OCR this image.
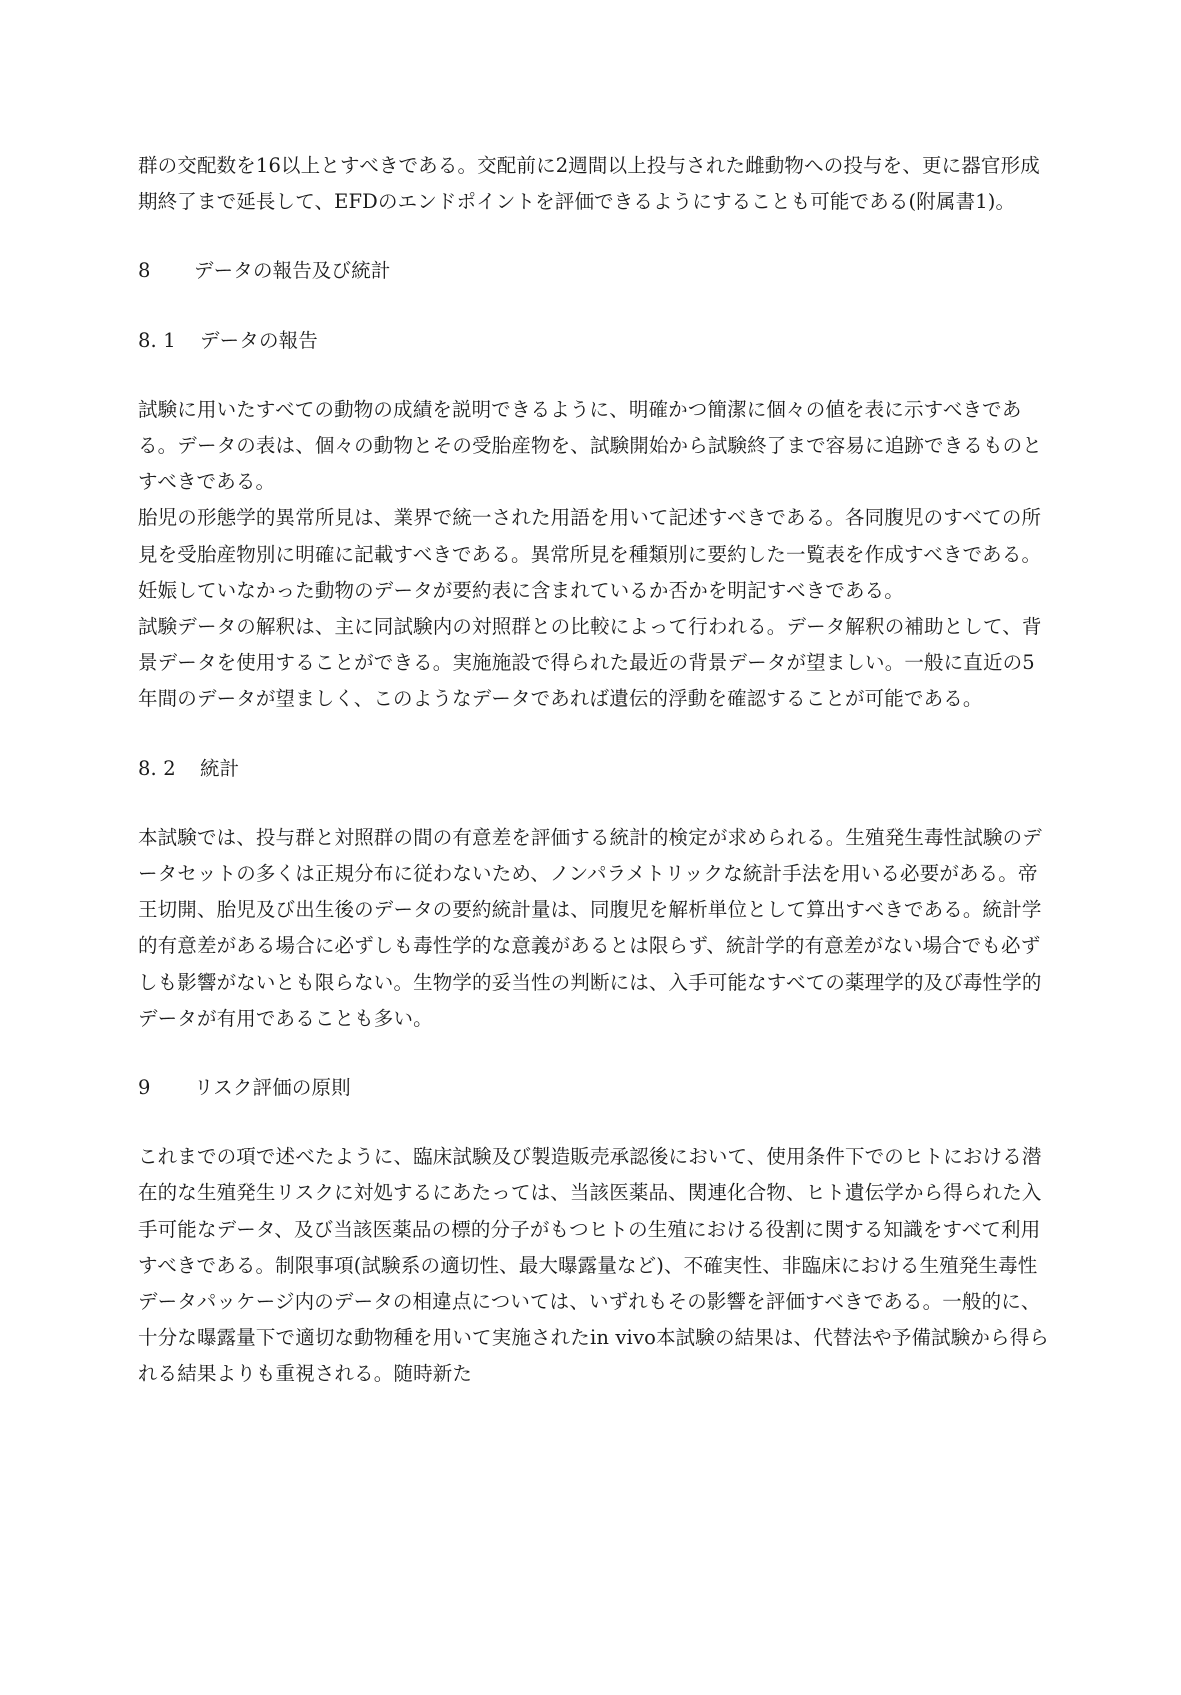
群の交配数を16以上とすべきである。交配前に2週間以上投与された雌動物への投与を、更に器官形成期終了まで延長して、EFDのエンドポイントを評価できるようにすることも可能である(附属書1)。

8 データの報告及び統計

8. 1 データの報告

試験に用いたすべての動物の成績を説明できるように、明確かつ簡潔に個々の値を表に示すべきである。データの表は、個々の動物とその受胎産物を、試験開始から試験終了まで容易に追跡できるものとすべきである。

胎児の形態学的異常所見は、業界で統一された用語を用いて記述すべきである。各同腹児のすべての所見を受胎産物別に明確に記載すべきである。異常所見を種類別に要約した一覧表を作成すべきである。妊娠していなかった動物のデータが要約表に含まれているか否かを明記すべきである。

試験データの解釈は、主に同試験内の対照群との比較によって行われる。データ解釈の補助として、背景データを使用することができる。実施施設で得られた最近の背景データが望ましい。一般に直近の5年間のデータが望ましく、このようなデータであれば遺伝的浮動を確認することが可能である。

8. 2 統計

本試験では、投与群と対照群の間の有意差を評価する統計的検定が求められる。生殖発生毒性試験のデータセットの多くは正規分布に従わないため、ノンパラメトリックな統計手法を用いる必要がある。帝王切開、胎児及び出生後のデータの要約統計量は、同腹児を解析単位として算出すべきである。統計学的有意差がある場合に必ずしも毒性学的な意義があるとは限らず、統計学的有意差がない場合でも必ずしも影響がないとも限らない。生物学的妥当性の判断には、入手可能なすべての薬理学的及び毒性学的データが有用であることも多い。

9 リスク評価の原則

これまでの項で述べたように、臨床試験及び製造販売承認後において、使用条件下でのヒトにおける潜在的な生殖発生リスクに対処するにあたっては、当該医薬品、関連化合物、ヒト遺伝学から得られた入手可能なデータ、及び当該医薬品の標的分子がもつヒトの生殖における役割に関する知識をすべて利用すべきである。制限事項(試験系の適切性、最大曝露量など)、不確実性、非臨床における生殖発生毒性データパッケージ内のデータの相違点については、いずれもその影響を評価すべきである。一般的に、十分な曝露量下で適切な動物種を用いて実施されたin vivo本試験の結果は、代替法や予備試験から得られる結果よりも重視される。随時新た
